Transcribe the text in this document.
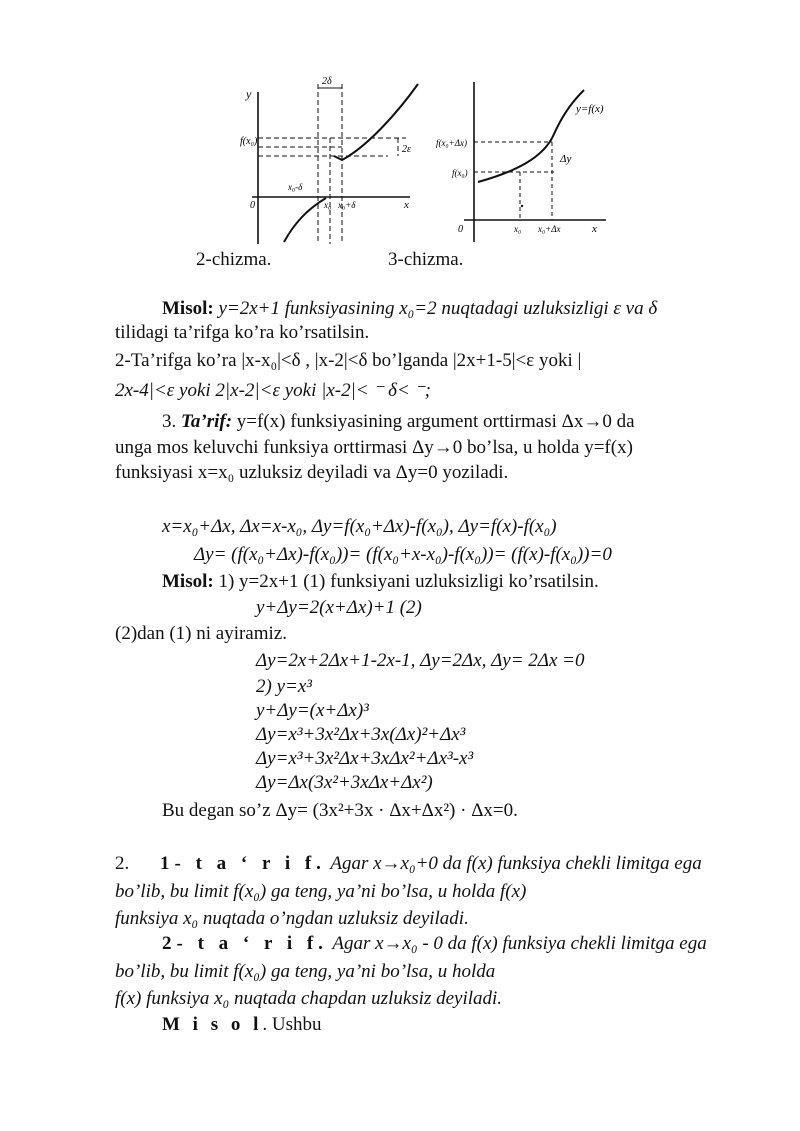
y
2δ
f(x₀)
2ε
x₀-δ
0	x₀ x₀+δ	x
2-chizma.
y=f(x)
f(x₀+Δx)
f(x₀)
Δy
0	x₀ x₀+Δx	x
3-chizma.
Misol: y=2x+1 funksiyasining x₀=2 nuqtadagi uzluksizligi ε va δ
tilidagi ta’rifga ko’ra ko’rsatilsin.
2-Ta’rifga ko’ra |x-x₀|<δ , |x-2|<δ bo’lganda |2x+1-5|<ε yoki |
2x-4|<ε yoki 2|x-2|<ε yoki |x-2|< ⁻ δ< ⁻;
3. Ta’rif: y=f(x) funksiyasining argument orttirmasi Δx→0 da
unga mos keluvchi funksiya orttirmasi Δy→0 bo’lsa, u holda y=f(x)
funksiyasi x=x₀ uzluksiz deyiladi va Δy=0 yoziladi.
x=x₀+Δx, Δx=x-x₀, Δy=f(x₀+Δx)-f(x₀), Δy=f(x)-f(x₀)
Δy= (f(x₀+Δx)-f(x₀))= (f(x₀+x-x₀)-f(x₀))= (f(x)-f(x₀))=0
Misol: 1) y=2x+1 (1) funksiyani uzluksizligi ko’rsatilsin.
y+Δy=2(x+Δx)+1 (2)
(2)dan (1) ni ayiramiz.
Δy=2x+2Δx+1-2x-1, Δy=2Δx, Δy= 2Δx =0
2) y=x³
y+Δy=(x+Δx)³
Δy=x³+3x²Δx+3x(Δx)²+Δx³
Δy=x³+3x²Δx+3xΔx²+Δx³-x³
Δy=Δx(3x²+3xΔx+Δx²)
Bu degan so’z Δy= (3x²+3x · Δx+Δx²) · Δx=0.
2. 1- t a ‘ r i f. Agar x→x₀+0 da f(x) funksiya chekli limitga ega
bo’lib, bu limit f(x₀) ga teng, ya’ni bo’lsa, u holda f(x)
funksiya x₀ nuqtada o’ngdan uzluksiz deyiladi.
2- t a ‘ r i f. Agar x→x₀ - 0 da f(x) funksiya chekli limitga ega
bo’lib, bu limit f(x₀) ga teng, ya’ni bo’lsa, u holda
f(x) funksiya x₀ nuqtada chapdan uzluksiz deyiladi.
M i s o l. Ushbu
